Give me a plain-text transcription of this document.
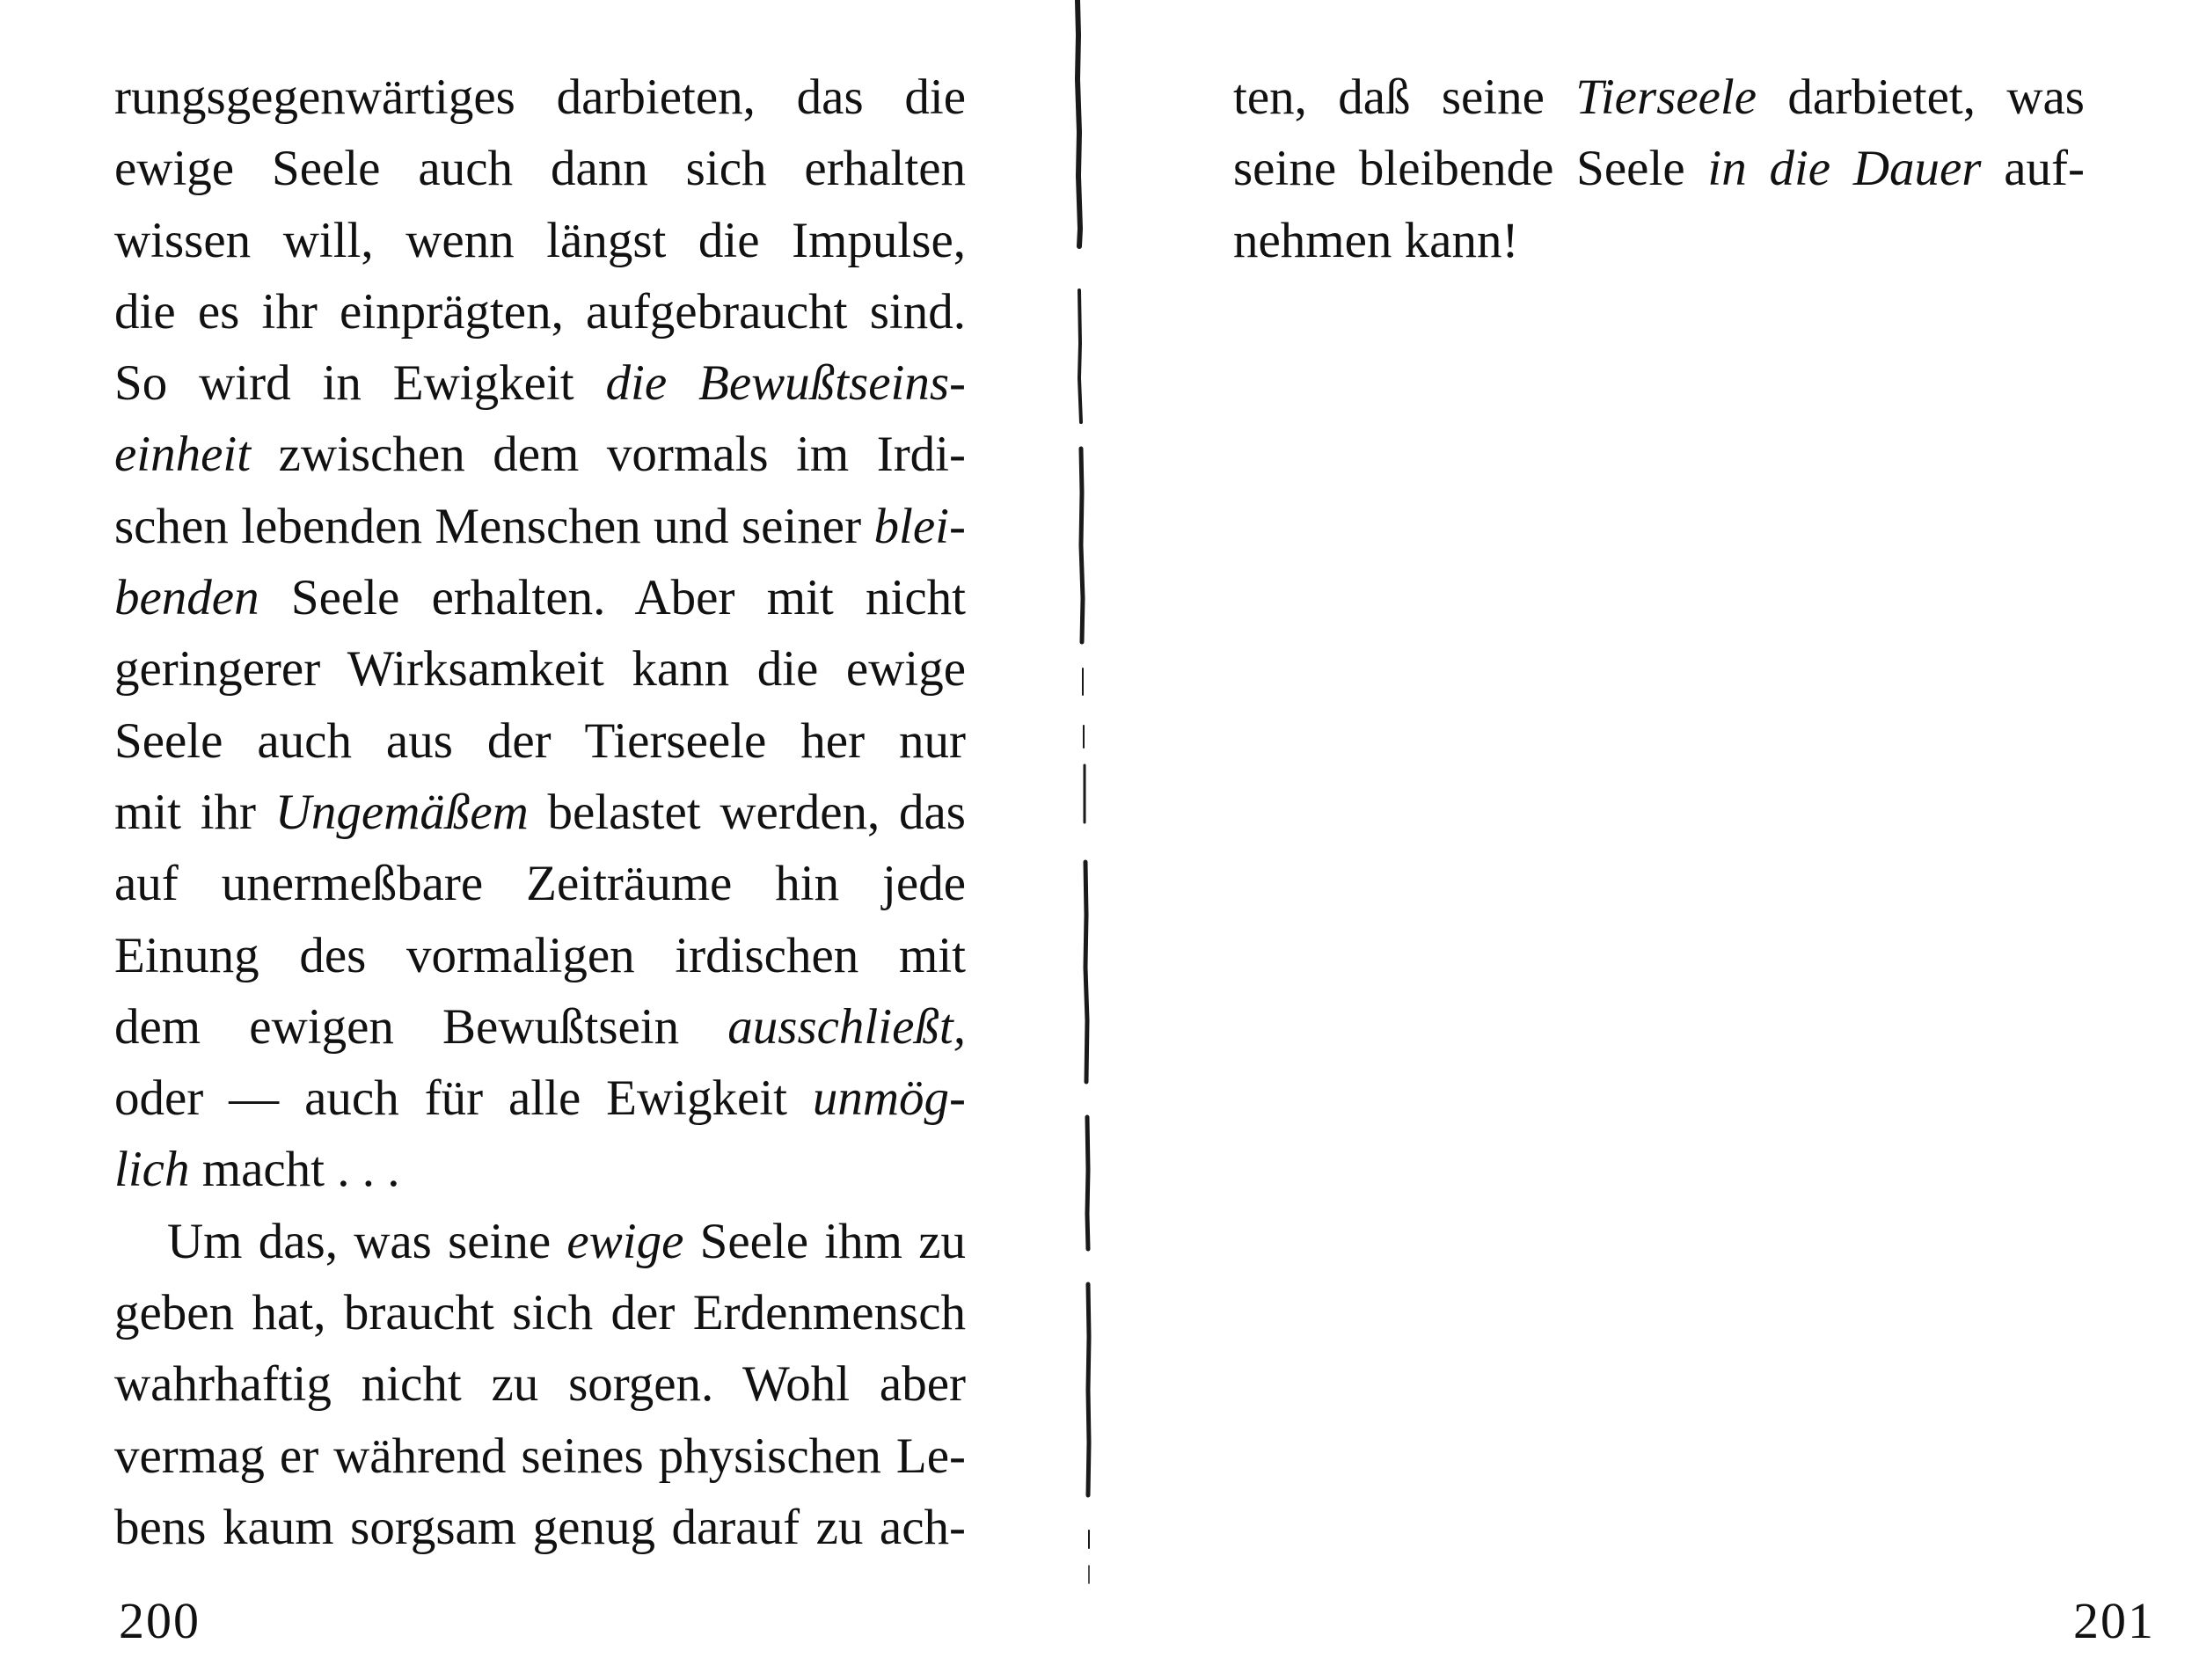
rungsgegenwärtiges darbieten, das die
ewige Seele auch dann sich erhalten
wissen will, wenn längst die Impulse,
die es ihr einprägten, aufgebraucht sind.
So wird in Ewigkeit die Bewußtseins-
einheit zwischen dem vormals im Irdi-
schen lebenden Menschen und seiner blei-
benden Seele erhalten. Aber mit nicht
geringerer Wirksamkeit kann die ewige
Seele auch aus der Tierseele her nur
mit ihr Ungemäßem belastet werden, das
auf unermeßbare Zeiträume hin jede
Einung des vormaligen irdischen mit
dem ewigen Bewußtsein ausschließt,
oder — auch für alle Ewigkeit unmög-
lich macht . . .
Um das, was seine ewige Seele ihm zu
geben hat, braucht sich der Erdenmensch
wahrhaftig nicht zu sorgen. Wohl aber
vermag er während seines physischen Le-
bens kaum sorgsam genug darauf zu ach-
200
ten, daß seine Tierseele darbietet, was
seine bleibende Seele in die Dauer auf-
nehmen kann!
201
